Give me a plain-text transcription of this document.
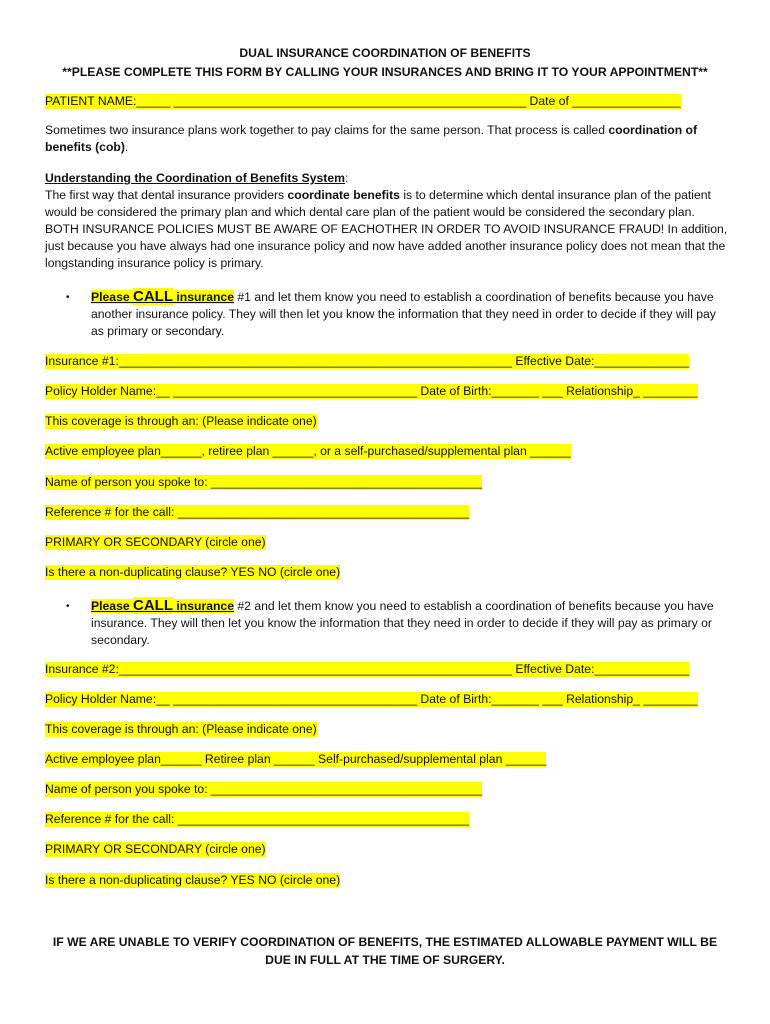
DUAL INSURANCE COORDINATION OF BENEFITS
**PLEASE COMPLETE THIS FORM BY CALLING YOUR INSURANCES AND BRING IT TO YOUR APPOINTMENT**
PATIENT NAME:_____ ____________________________________________________ Date of ________________
Sometimes two insurance plans work together to pay claims for the same person. That process is called coordination of benefits (cob).
Understanding the Coordination of Benefits System:
The first way that dental insurance providers coordinate benefits is to determine which dental insurance plan of the patient would be considered the primary plan and which dental care plan of the patient would be considered the secondary plan. BOTH INSURANCE POLICIES MUST BE AWARE OF EACHOTHER IN ORDER TO AVOID INSURANCE FRAUD! In addition, just because you have always had one insurance policy and now have added another insurance policy does not mean that the longstanding insurance policy is primary.
• Please CALL insurance #1 and let them know you need to establish a coordination of benefits because you have another insurance policy. They will then let you know the information that they need in order to decide if they will pay as primary or secondary.
Insurance #1:__________________________________________________________ Effective Date:______________
Policy Holder Name:__ ____________________________________ Date of Birth:_______ ___ Relationship_ ________
This coverage is through an: (Please indicate one)
Active employee plan______, retiree plan ______, or a self-purchased/supplemental plan ______
Name of person you spoke to: ________________________________________
Reference # for the call: ___________________________________________
PRIMARY OR SECONDARY (circle one)
Is there a non-duplicating clause? YES NO (circle one)
• Please CALL insurance #2 and let them know you need to establish a coordination of benefits because you have insurance. They will then let you know the information that they need in order to decide if they will pay as primary or secondary.
Insurance #2:__________________________________________________________ Effective Date:______________
Policy Holder Name:__ ____________________________________ Date of Birth:_______ ___ Relationship_ ________
This coverage is through an: (Please indicate one)
Active employee plan______ Retiree plan ______ Self-purchased/supplemental plan ______
Name of person you spoke to: ________________________________________
Reference # for the call: ___________________________________________
PRIMARY OR SECONDARY (circle one)
Is there a non-duplicating clause? YES NO (circle one)
IF WE ARE UNABLE TO VERIFY COORDINATION OF BENEFITS, THE ESTIMATED ALLOWABLE PAYMENT WILL BE DUE IN FULL AT THE TIME OF SURGERY.
